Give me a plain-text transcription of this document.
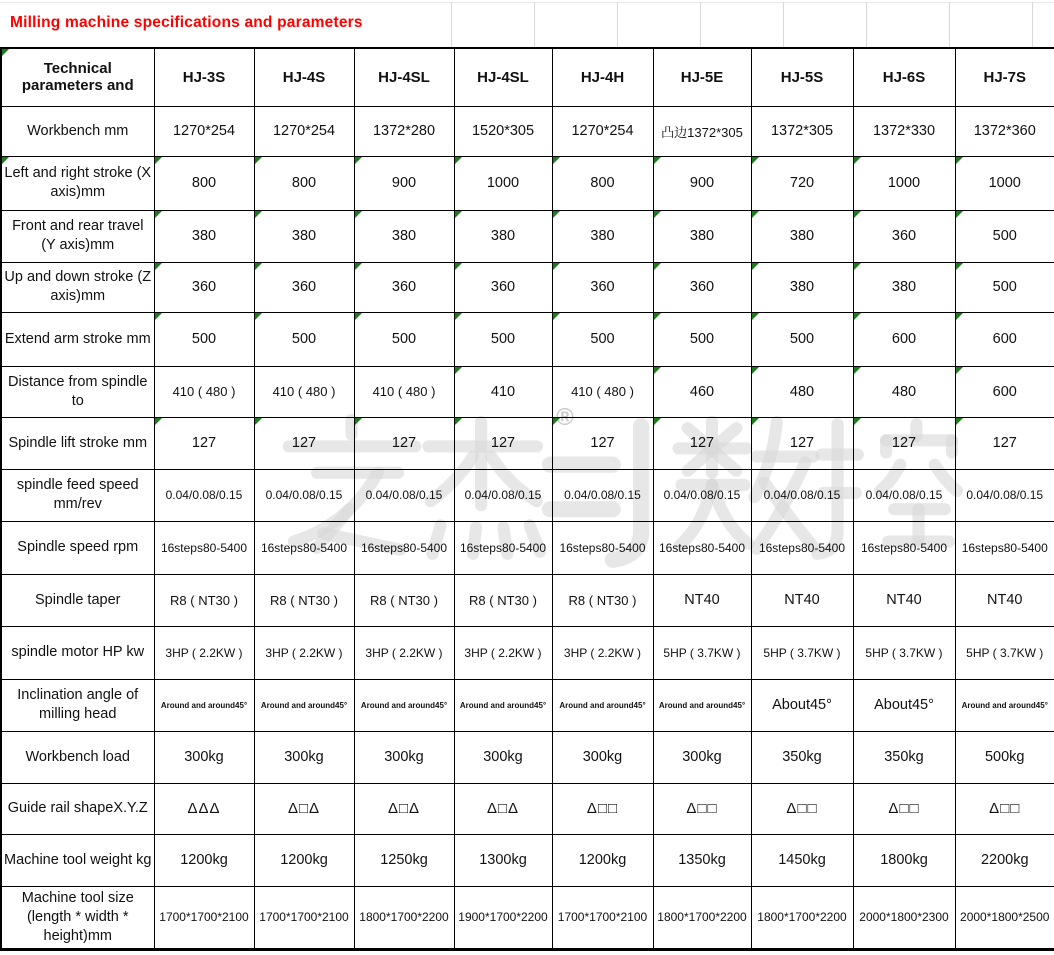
Milling machine specifications and parameters
®
Technical parameters and	HJ-3S	HJ-4S	HJ-4SL	HJ-4SL	HJ-4H	HJ-5E	HJ-5S	HJ-6S	HJ-7S
Workbench mm	1270*254	1270*254	1372*280	1520*305	1270*254	凸边1372*305	1372*305	1372*330	1372*360
Left and right stroke (X axis)mm	800	800	900	1000	800	900	720	1000	1000

Front and rear travel (Y axis)mm	380	380	380	380	380	380	380	360	500

Up and down stroke (Z axis)mm	360	360	360	360	360	360	380	380	500

Extend arm stroke mm	500	500	500	500	500	500	500	600	600

Distance from spindle to	410 ( 480 )	410 ( 480 )	410 ( 480 )	410	410 ( 480 )	460	480	480	600

Spindle lift stroke mm	127	127	127	127	127	127	127	127	127

spindle feed speed mm/rev	0.04/0.08/0.15	0.04/0.08/0.15	0.04/0.08/0.15	0.04/0.08/0.15	0.04/0.08/0.15	0.04/0.08/0.15	0.04/0.08/0.15	0.04/0.08/0.15	0.04/0.08/0.15
Spindle speed rpm	16steps80-5400	16steps80-5400	16steps80-5400	16steps80-5400	16steps80-5400	16steps80-5400	16steps80-5400	16steps80-5400	16steps80-5400
Spindle taper	R8 ( NT30 )	R8 ( NT30 )	R8 ( NT30 )	R8 ( NT30 )	R8 ( NT30 )	NT40	NT40	NT40	NT40
spindle motor HP kw	3HP ( 2.2KW )	3HP ( 2.2KW )	3HP ( 2.2KW )	3HP ( 2.2KW )	3HP ( 2.2KW )	5HP ( 3.7KW )	5HP ( 3.7KW )	5HP ( 3.7KW )	5HP ( 3.7KW )
Inclination angle of milling head	Around and around45°	Around and around45°	Around and around45°	Around and around45°	Around and around45°	Around and around45°	About45°	About45°	Around and around45°
Workbench load	300kg	300kg	300kg	300kg	300kg	300kg	350kg	350kg	500kg
Guide rail shapeX.Y.Z	ΔΔΔ	Δ□Δ	Δ□Δ	Δ□Δ	Δ□□	Δ□□	Δ□□	Δ□□	Δ□□
Machine tool weight kg	1200kg	1200kg	1250kg	1300kg	1200kg	1350kg	1450kg	1800kg	2200kg
Machine tool size (length * width * height)mm	1700*1700*2100	1700*1700*2100	1800*1700*2200	1900*1700*2200	1700*1700*2100	1800*1700*2200	1800*1700*2200	2000*1800*2300	2000*1800*2500
